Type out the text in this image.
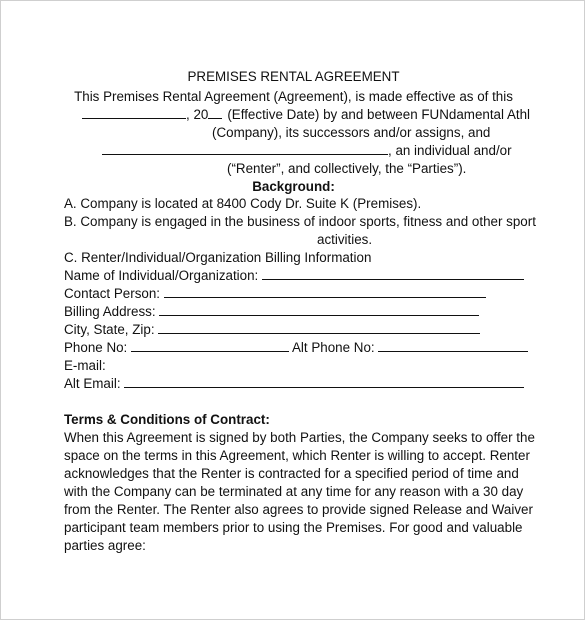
PREMISES RENTAL AGREEMENT
This Premises Rental Agreement (Agreement), is made effective as of this
, 20 (Effective Date) by and between FUNdamental Athl
(Company), its successors and/or assigns, and
, an individual and/or
(“Renter”, and collectively, the “Parties”).
Background:
A. Company is located at 8400 Cody Dr. Suite K (Premises).
B. Company is engaged in the business of indoor sports, fitness and other sport
activities.
C. Renter/Individual/Organization Billing Information
Name of Individual/Organization:
Contact Person:
Billing Address:
City, State, Zip:
Phone No:	Alt Phone No:
E-mail:
Alt Email:
Terms & Conditions of Contract:
When this Agreement is signed by both Parties, the Company seeks to offer the
space on the terms in this Agreement, which Renter is willing to accept. Renter
acknowledges that the Renter is contracted for a specified period of time and
with the Company can be terminated at any time for any reason with a 30 day
from the Renter. The Renter also agrees to provide signed Release and Waiver
participant team members prior to using the Premises. For good and valuable
parties agree:
